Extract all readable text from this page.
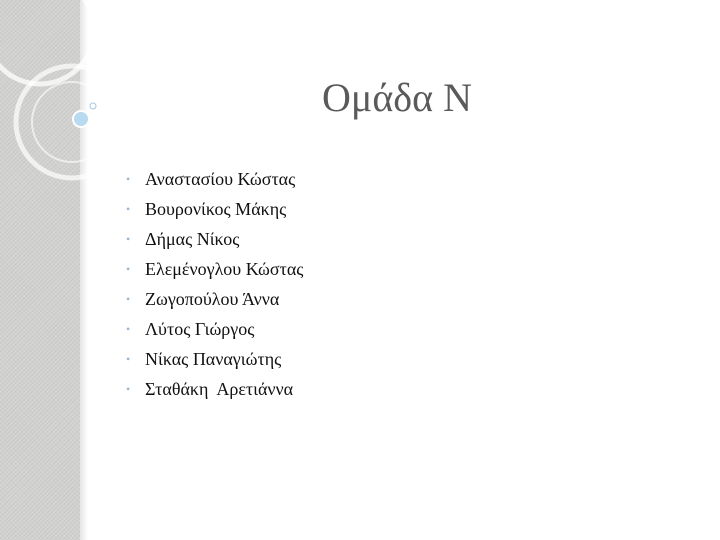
Ομάδα Ν
• Αναστασίου Κώστας
• Βουρονίκος Μάκης
• Δήμας Νίκος
• Ελεμένογλου Κώστας
• Ζωγοπούλου Άννα
• Λύτος Γιώργος
• Νίκας Παναγιώτης
• Σταθάκη  Αρετιάννα
